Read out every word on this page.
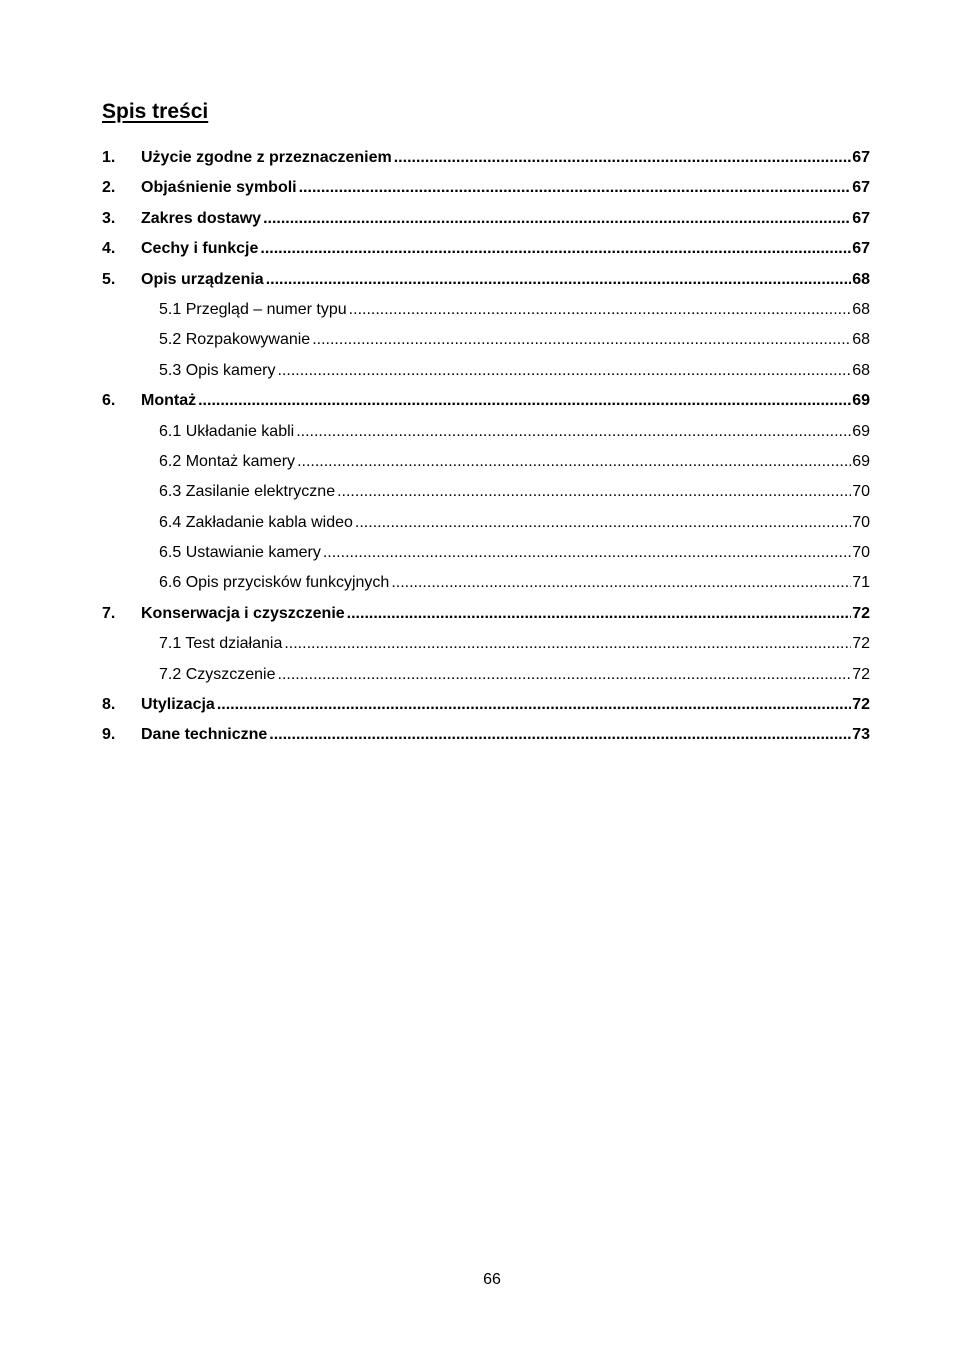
Spis treści
1.	Użycie zgodne z przeznaczeniem .....	67
2.	Objaśnienie symboli .....	67
3.	Zakres dostawy .....	67
4.	Cechy i funkcje .....	67
5.	Opis urządzenia .....	68
5.1 Przegląd – numer typu .....	68
5.2 Rozpakowywanie .....	68
5.3 Opis kamery .....	68
6.	Montaż .....	69
6.1 Układanie kabli .....	69
6.2 Montaż kamery .....	69
6.3 Zasilanie elektryczne .....	70
6.4 Zakładanie kabla wideo .....	70
6.5 Ustawianie kamery .....	70
6.6 Opis przycisków funkcyjnych .....	71
7.	Konserwacja i czyszczenie .....	72
7.1 Test działania .....	72
7.2 Czyszczenie .....	72
8.	Utylizacja .....	72
9.	Dane techniczne .....	73
66
